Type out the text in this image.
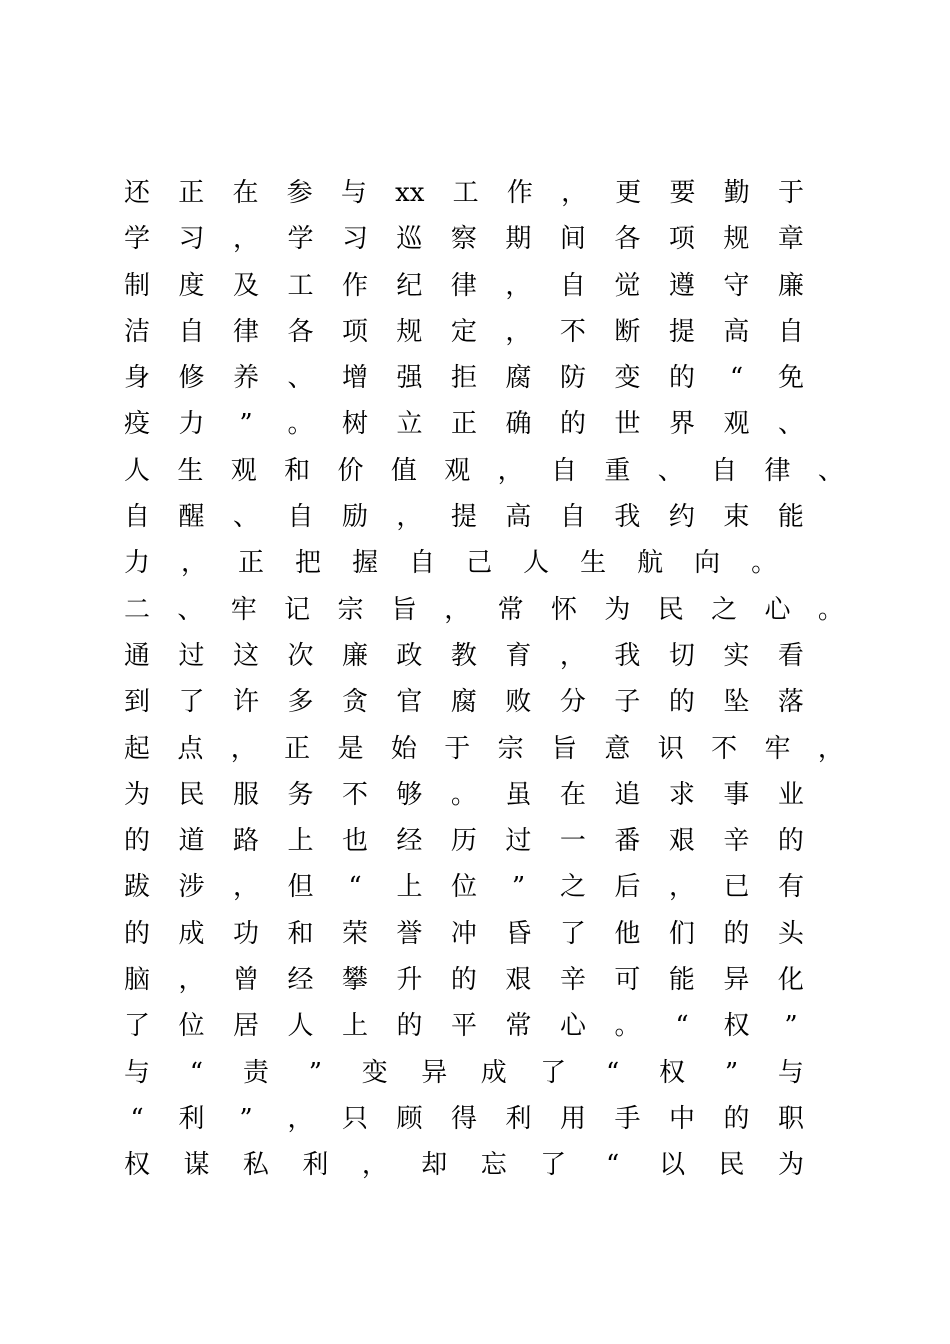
还 正 在 参 与 xx 工 作 ， 更 要 勤 于
学 习 ， 学 习 巡 察 期 间 各 项 规 章
制 度 及 工 作 纪 律 ， 自 觉 遵 守 廉
洁 自 律 各 项 规 定 ， 不 断 提 高 自
身 修 养 、 增 强 拒 腐 防 变 的 “ 免
疫 力 ” 。 树 立 正 确 的 世 界 观 、
人 生 观 和 价 值 观 ， 自 重 、 自 律 、
自 醒 、 自 励 ， 提 高 自 我 约 束 能
力 ， 正 把 握 自 己 人 生 航 向 。
二 、 牢 记 宗 旨 ， 常 怀 为 民 之 心 。
通 过 这 次 廉 政 教 育 ， 我 切 实 看
到 了 许 多 贪 官 腐 败 分 子 的 坠 落
起 点 ， 正 是 始 于 宗 旨 意 识 不 牢 ，
为 民 服 务 不 够 。 虽 在 追 求 事 业
的 道 路 上 也 经 历 过 一 番 艰 辛 的
跋 涉 ， 但 “ 上 位 ” 之 后 ， 已 有
的 成 功 和 荣 誉 冲 昏 了 他 们 的 头
脑 ， 曾 经 攀 升 的 艰 辛 可 能 异 化
了 位 居 人 上 的 平 常 心 。 “ 权 ”
与 “ 责 ” 变 异 成 了 “ 权 ” 与
“ 利 ” ， 只 顾 得 利 用 手 中 的 职
权 谋 私 利 ， 却 忘 了 “ 以 民 为
